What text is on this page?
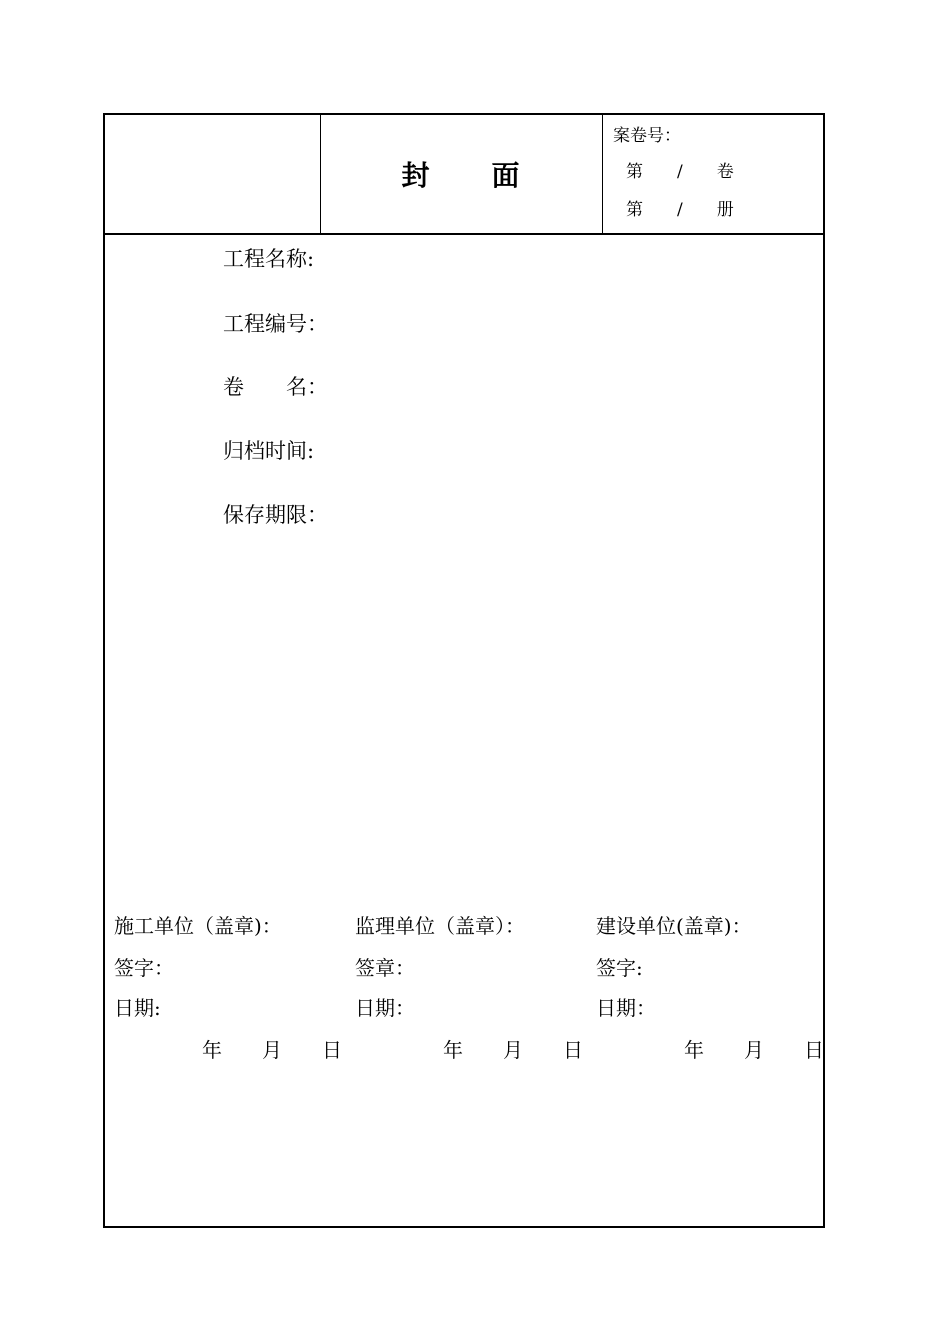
封　　面
案卷号：
第　　/　　卷
第　　/　　册
工程名称:
工程编号：
卷　　名：
归档时间:
保存期限：

施工单位（盖章)：

签字：

日期:

年　　月　　日

监理单位（盖章）：

签章：

日期：

年　　月　　日

建设单位(盖章)：

签字:

日期：

年　　月　　日
